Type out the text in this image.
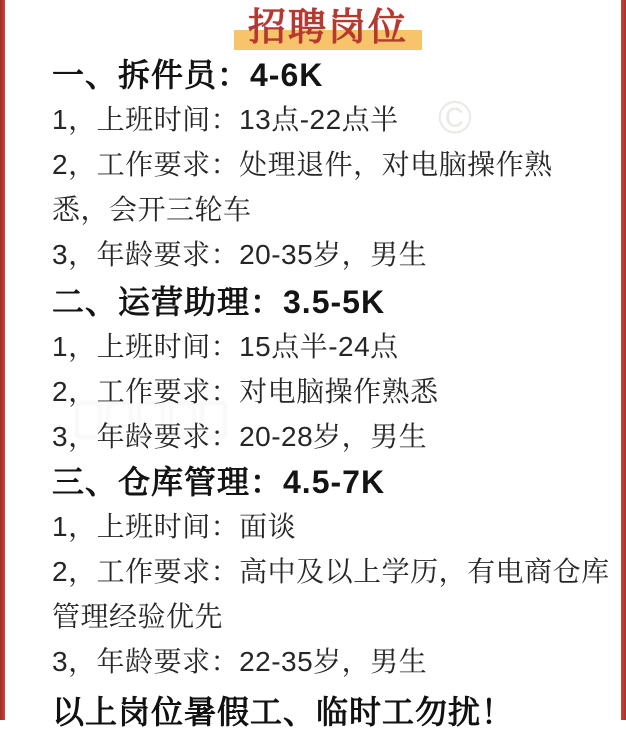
©
招聘岗位
一、拆件员：4-6K
1，上班时间：13点-22点半
2，工作要求：处理退件，对电脑操作熟
悉，会开三轮车
3，年龄要求：20-35岁，男生
二、运营助理：3.5-5K
1，上班时间：15点半-24点
2，工作要求：对电脑操作熟悉
3，年龄要求：20-28岁，男生
三、仓库管理：4.5-7K
1，上班时间：面谈
2，工作要求：高中及以上学历，有电商仓库
管理经验优先
3，年龄要求：22-35岁，男生
以上岗位暑假工、临时工勿扰！
